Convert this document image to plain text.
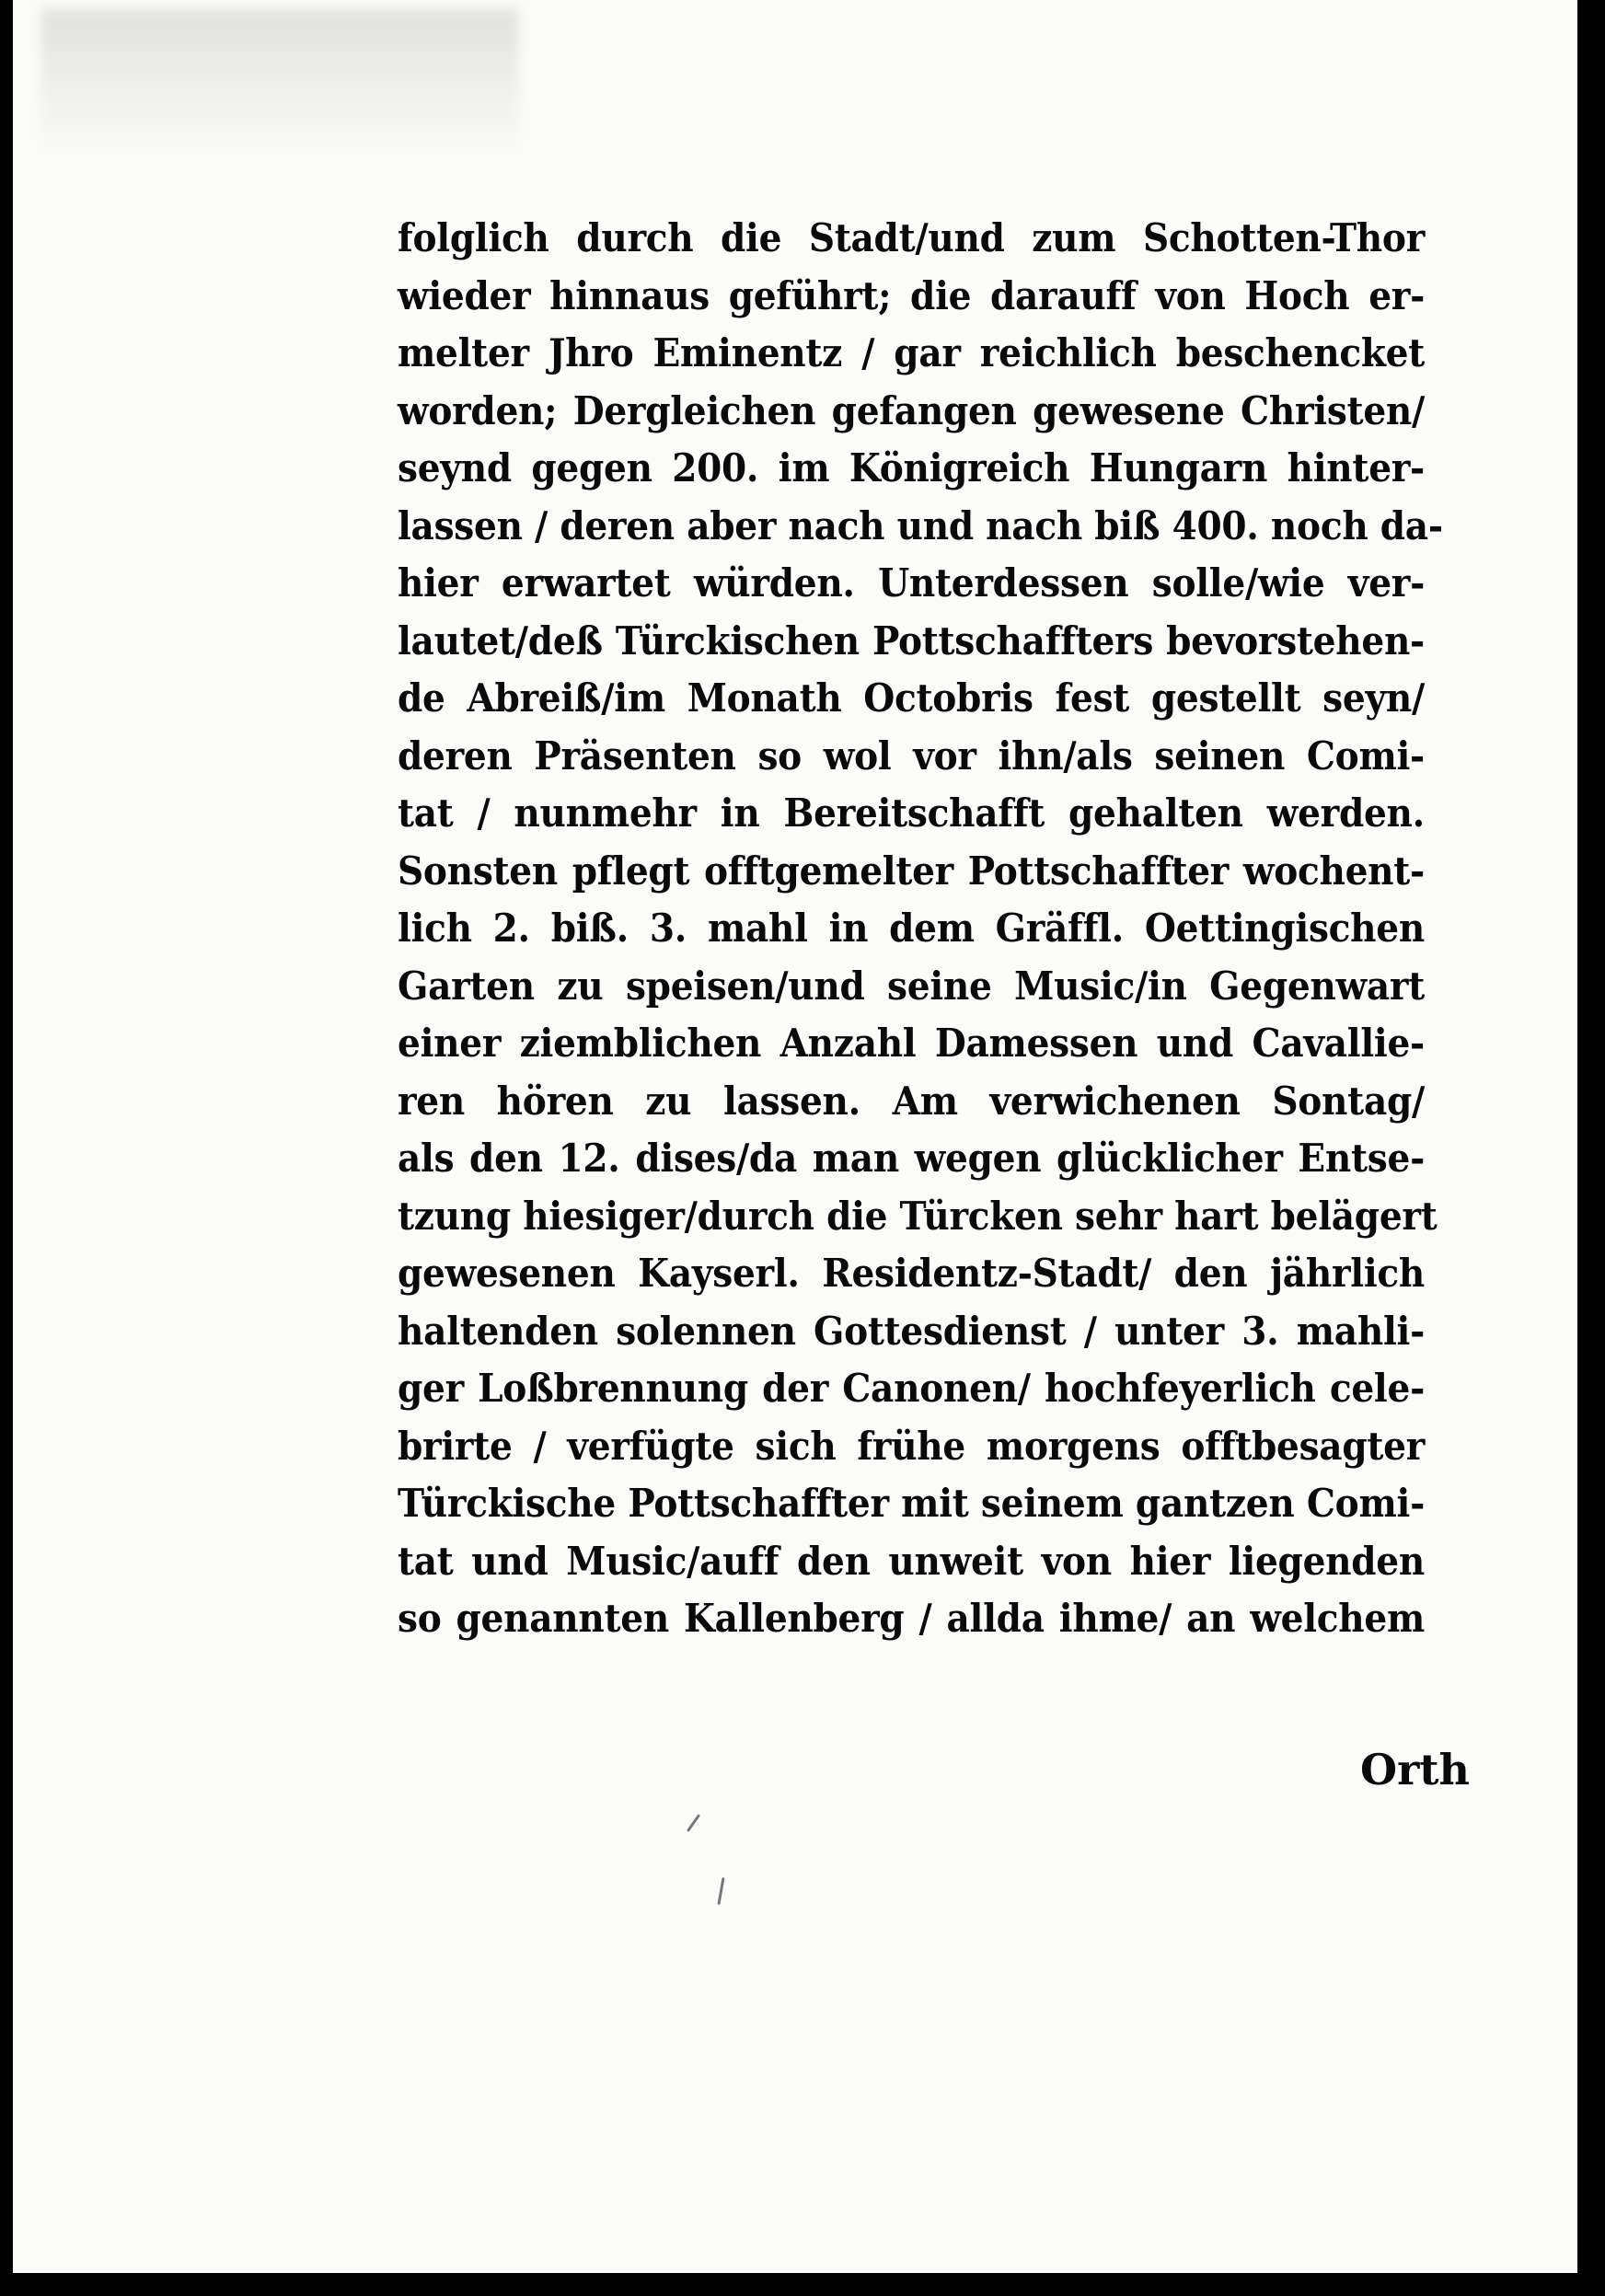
folglich durch die Stadt/und zum Schotten-Thor
wieder hinnaus geführt; die darauff von Hoch er-
melter Jhro Eminentz / gar reichlich beschencket
worden; Dergleichen gefangen gewesene Christen/
seynd gegen 200. im Königreich Hungarn hinter-
lassen / deren aber nach und nach biß 400. noch da-
hier erwartet würden. Unterdessen solle/wie ver-
lautet/deß Türckischen Pottschaffters bevorstehen-
de Abreiß/im Monath Octobris fest gestellt seyn/
deren Präsenten so wol vor ihn/als seinen Comi-
tat / nunmehr in Bereitschafft gehalten werden.
Sonsten pflegt offtgemelter Pottschaffter wochent-
lich 2. biß. 3. mahl in dem Gräffl. Oettingischen
Garten zu speisen/und seine Music/in Gegenwart
einer ziemblichen Anzahl Damessen und Cavallie-
ren hören zu lassen. Am verwichenen Sontag/
als den 12. dises/da man wegen glücklicher Entse-
tzung hiesiger/durch die Türcken sehr hart belägert
gewesenen Kayserl. Residentz-Stadt/ den jährlich
haltenden solennen Gottesdienst / unter 3. mahli-
ger Loßbrennung der Canonen/ hochfeyerlich cele-
brirte / verfügte sich frühe morgens offtbesagter
Türckische Pottschaffter mit seinem gantzen Comi-
tat und Music/auff den unweit von hier liegenden
so genannten Kallenberg / allda ihme/ an welchem
Orth
